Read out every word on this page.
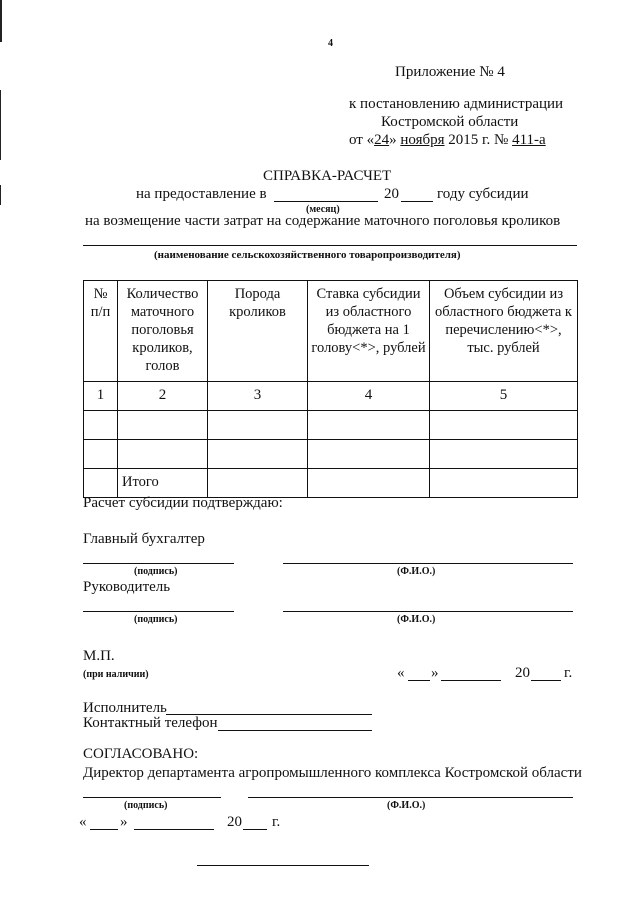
4
Приложение № 4
к постановлению администрации
Костромской области
от «24» ноября 2015 г. № 411-а
СПРАВКА-РАСЧЕТ
на предоставление в	20	году субсидии
(месяц)
на возмещение части затрат на содержание маточного поголовья кроликов
(наименование сельскохозяйственного товаропроизводителя)
№ п/п	Количество маточного поголовья кроликов, голов	Порода кроликов	Ставка субсидии из областного бюджета на 1 голову<*>, рублей	Объем субсидии из областного бюджета к перечислению<*>, тыс. рублей
1	2	3	4	5

	Итого			
Расчет субсидии подтверждаю:
Главный бухгалтер
(подпись)	(Ф.И.О.)
Руководитель
(подпись)	(Ф.И.О.)
М.П.
(при наличии)	« »	20 г.
Исполнитель
Контактный телефон
СОГЛАСОВАНО:
Директор департамента агропромышленного комплекса Костромской области
(подпись)	(Ф.И.О.)
« »	20 г.
